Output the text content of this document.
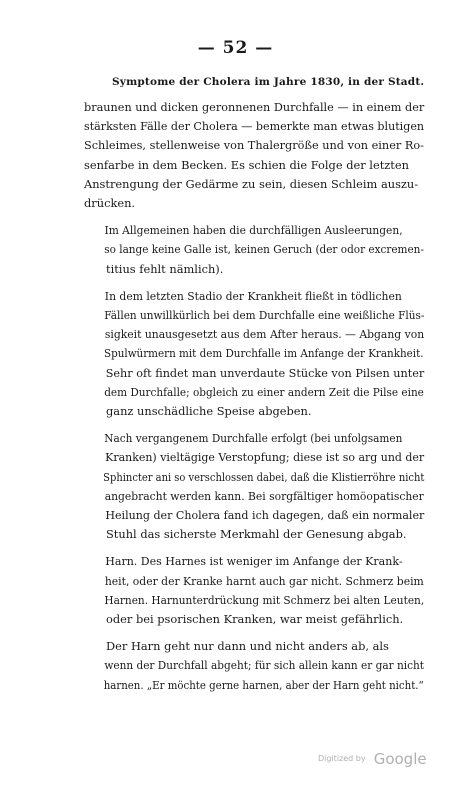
— 52 —
Symptome der Cholera im Jahre 1830, in der Stadt.

braunen und dicken geronnenen Durchfalle — in einem der
stärksten Fälle der Cholera — bemerkte man etwas blutigen
Schleimes, stellenweise von Thalergröße und von einer Ro-
senfarbe in dem Becken. Es schien die Folge der letzten
Anstrengung der Gedärme zu sein, diesen Schleim auszu-
drücken.

Im Allgemeinen haben die durchfälligen Ausleerungen,
so lange keine Galle ist, keinen Geruch (der odor excremen-
titius fehlt nämlich).

In dem letzten Stadio der Krankheit fließt in tödlichen
Fällen unwillkürlich bei dem Durchfalle eine weißliche Flüs-
sigkeit unausgesetzt aus dem After heraus. — Abgang von
Spulwürmern mit dem Durchfalle im Anfange der Krankheit.
Sehr oft findet man unverdaute Stücke von Pilsen unter
dem Durchfalle; obgleich zu einer andern Zeit die Pilse eine
ganz unschädliche Speise abgeben.

Nach vergangenem Durchfalle erfolgt (bei unfolgsamen
Kranken) vieltägige Verstopfung; diese ist so arg und der
Sphincter ani so verschlossen dabei, daß die Klistierröhre nicht
angebracht werden kann. Bei sorgfältiger homöopatischer
Heilung der Cholera fand ich dagegen, daß ein normaler
Stuhl das sicherste Merkmahl der Genesung abgab.

Harn. Des Harnes ist weniger im Anfange der Krank-
heit, oder der Kranke harnt auch gar nicht. Schmerz beim
Harnen. Harnunterdrückung mit Schmerz bei alten Leuten,
oder bei psorischen Kranken, war meist gefährlich.

Der Harn geht nur dann und nicht anders ab, als
wenn der Durchfall abgeht; für sich allein kann er gar nicht
harnen. „Er möchte gerne harnen, aber der Harn geht nicht.“

Digitized by Google
